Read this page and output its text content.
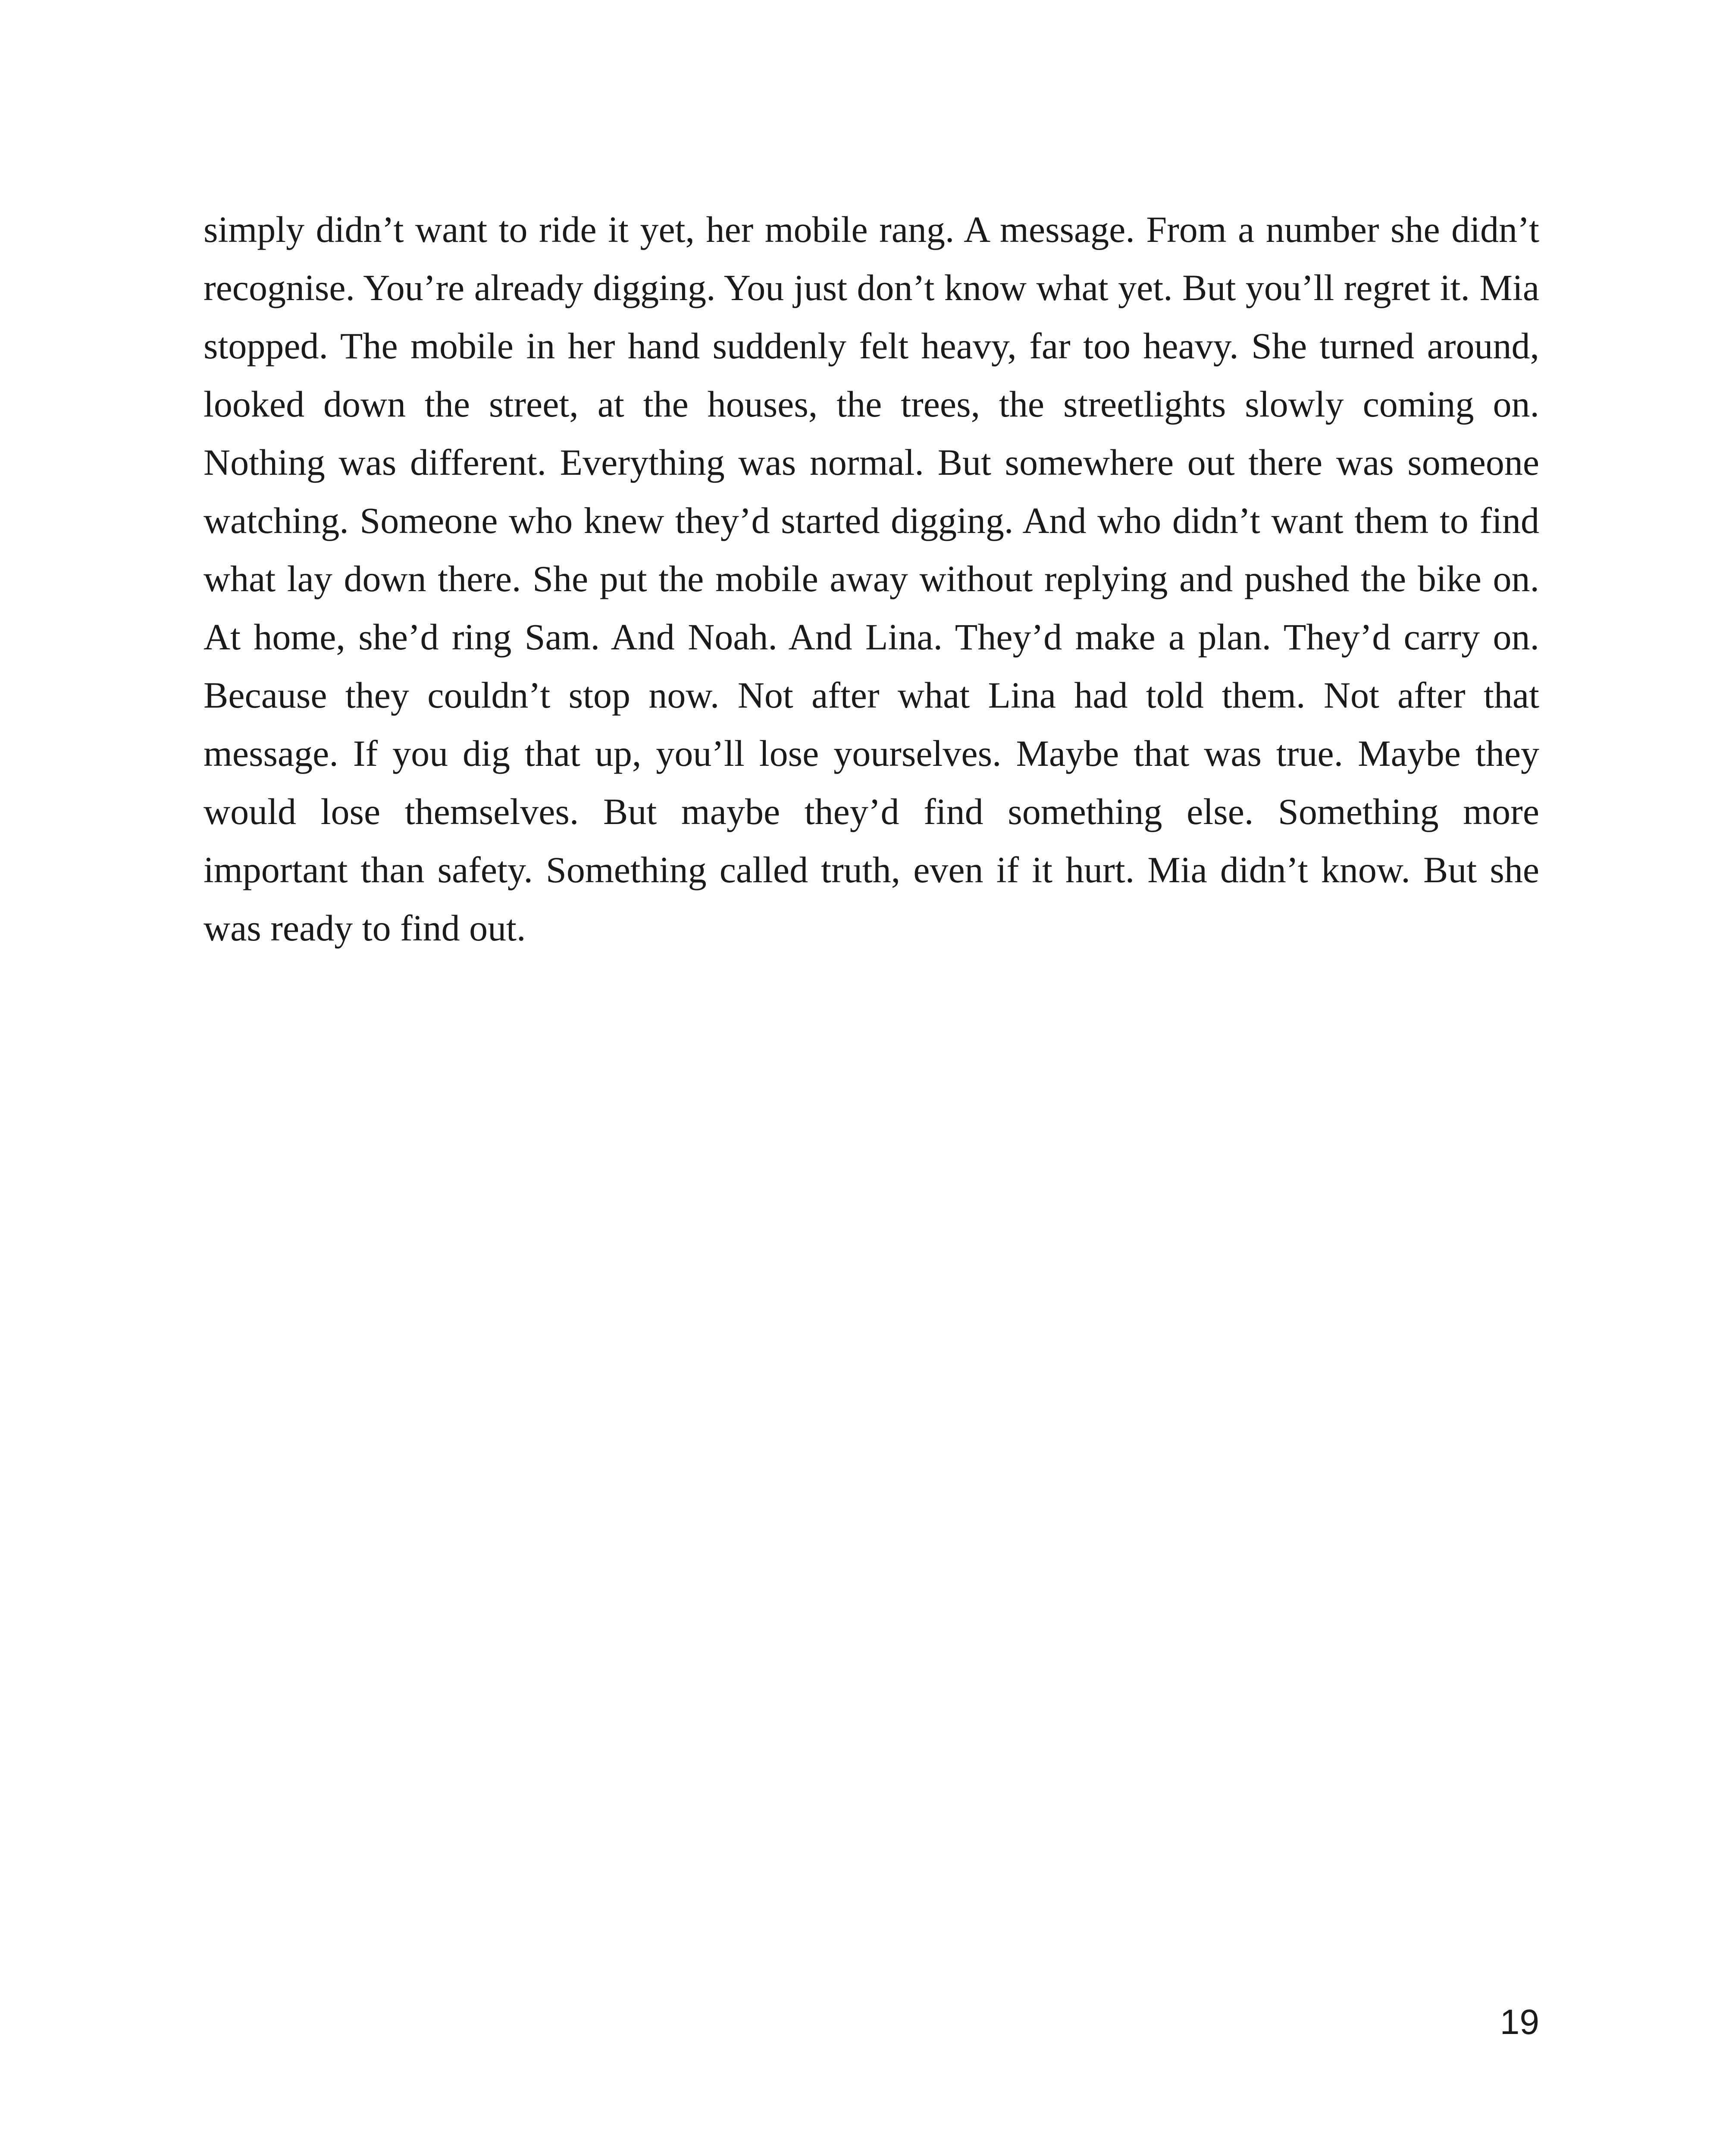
simply didn’t want to ride it yet, her mobile rang. A message. From a number she didn’t recognise. You’re already digging. You just don’t know what yet. But you’ll regret it. Mia stopped. The mobile in her hand suddenly felt heavy, far too heavy. She turned around, looked down the street, at the houses, the trees, the streetlights slowly coming on. Nothing was different. Everything was normal. But somewhere out there was someone watching. Someone who knew they’d started digging. And who didn’t want them to find what lay down there. She put the mobile away without replying and pushed the bike on. At home, she’d ring Sam. And Noah. And Lina. They’d make a plan. They’d carry on. Because they couldn’t stop now. Not after what Lina had told them. Not after that message. If you dig that up, you’ll lose yourselves. Maybe that was true. Maybe they would lose themselves. But maybe they’d find something else. Something more important than safety. Something called truth, even if it hurt. Mia didn’t know. But she was ready to find out.

19
